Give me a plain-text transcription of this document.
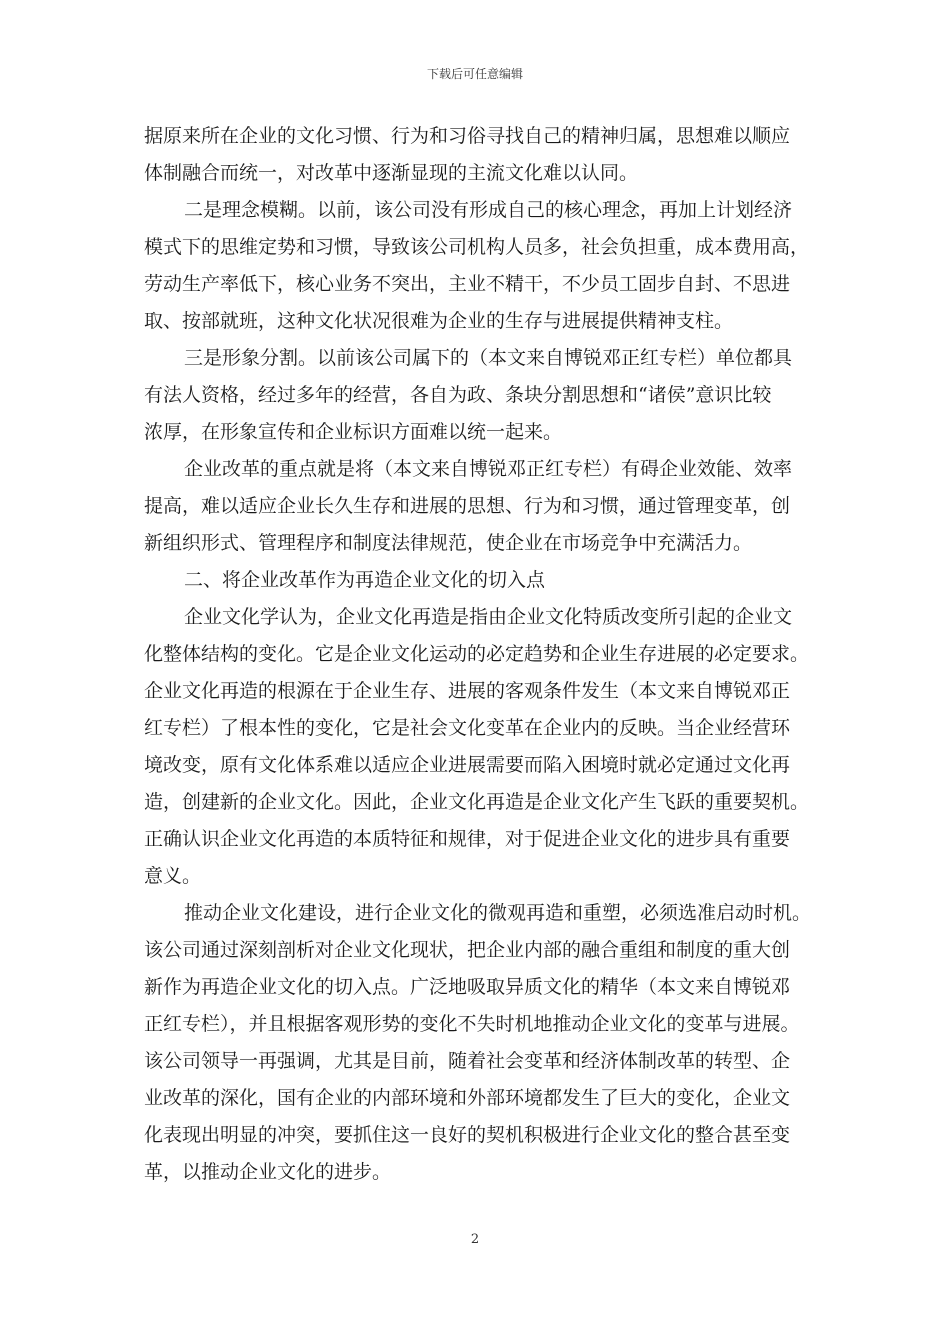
下载后可任意编辑
据原来所在企业的文化习惯、行为和习俗寻找自己的精神归属，思想难以顺应
体制融合而统一，对改革中逐渐显现的主流文化难以认同。
二是理念模糊。以前，该公司没有形成自己的核心理念，再加上计划经济
模式下的思维定势和习惯，导致该公司机构人员多，社会负担重，成本费用高，
劳动生产率低下，核心业务不突出，主业不精干，不少员工固步自封、不思进
取、按部就班，这种文化状况很难为企业的生存与进展提供精神支柱。
三是形象分割。以前该公司属下的（本文来自博锐邓正红专栏）单位都具
有法人资格，经过多年的经营，各自为政、条块分割思想和“诸侯”意识比较
浓厚，在形象宣传和企业标识方面难以统一起来。
企业改革的重点就是将（本文来自博锐邓正红专栏）有碍企业效能、效率
提高，难以适应企业长久生存和进展的思想、行为和习惯，通过管理变革，创
新组织形式、管理程序和制度法律规范，使企业在市场竞争中充满活力。
二、将企业改革作为再造企业文化的切入点
企业文化学认为，企业文化再造是指由企业文化特质改变所引起的企业文
化整体结构的变化。它是企业文化运动的必定趋势和企业生存进展的必定要求。
企业文化再造的根源在于企业生存、进展的客观条件发生（本文来自博锐邓正
红专栏）了根本性的变化，它是社会文化变革在企业内的反映。当企业经营环
境改变，原有文化体系难以适应企业进展需要而陷入困境时就必定通过文化再
造，创建新的企业文化。因此，企业文化再造是企业文化产生飞跃的重要契机。
正确认识企业文化再造的本质特征和规律，对于促进企业文化的进步具有重要
意义。
推动企业文化建设，进行企业文化的微观再造和重塑，必须选准启动时机。
该公司通过深刻剖析对企业文化现状，把企业内部的融合重组和制度的重大创
新作为再造企业文化的切入点。广泛地吸取异质文化的精华（本文来自博锐邓
正红专栏），并且根据客观形势的变化不失时机地推动企业文化的变革与进展。
该公司领导一再强调，尤其是目前，随着社会变革和经济体制改革的转型、企
业改革的深化，国有企业的内部环境和外部环境都发生了巨大的变化，企业文
化表现出明显的冲突，要抓住这一良好的契机积极进行企业文化的整合甚至变
革，以推动企业文化的进步。
2
